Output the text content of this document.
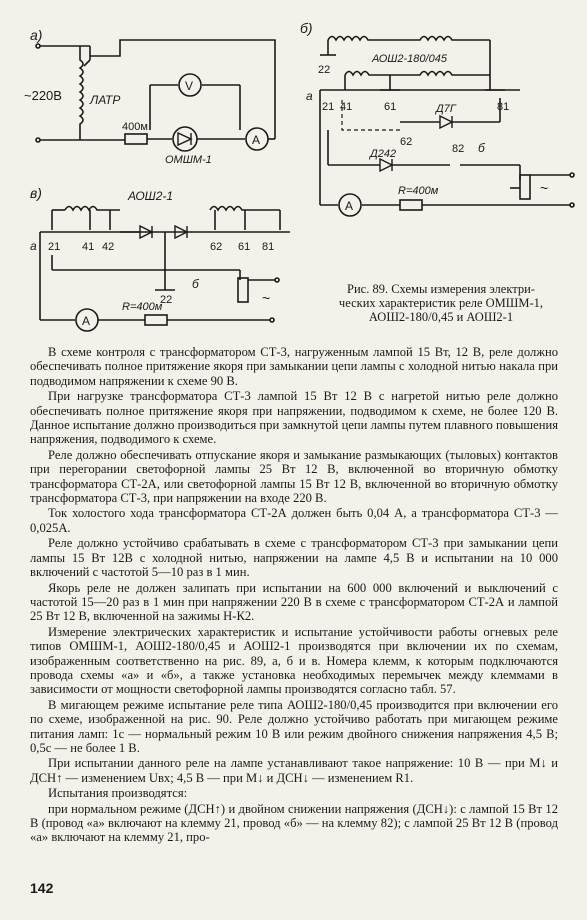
a)
~220В ЛАТР
V
400м
ОМШМ-1
А
б)
АОШ2-180/045
22
а
21 41	61	81
62
Д7Г
Д242	82 б
А
R=400м	~
в)	АОШ2-1
а 21 41 42	62 61 81
22
б
А
R=400м
~
Рис. 89. Схемы измерения электри-
ческих характеристик реле ОМШМ-1,
АОШ2-180/0,45 и АОШ2-1

В схеме контроля с трансформатором СТ-3, нагруженным лампой 15 Вт, 12 В, реле должно обеспечивать полное притяжение якоря при замыкании цепи лампы с холодной нитью накала при подводимом напряжении к схеме 90 В.

При нагрузке трансформатора СТ-3 лампой 15 Вт 12 В с нагретой нитью реле должно обеспечивать полное притяжение якоря при напряжении, подводимом к схеме, не более 120 В. Данное испытание должно производиться при замкнутой цепи лампы путем плавного повышения напряжения, подводимого к схеме.

Реле должно обеспечивать отпускание якоря и замыкание размыкающих (тыловых) контактов при перегорании светофорной лампы 25 Вт 12 В, включенной во вторичную обмотку трансформатора СТ-2А, или светофорной лампы 15 Вт 12 В, включенной во вторичную обмотку трансформатора СТ-3, при напряжении на входе 220 В.

Ток холостого хода трансформатора СТ-2А должен быть 0,04 А, а трансформатора СТ-3 — 0,025А.

Реле должно устойчиво срабатывать в схеме с трансформатором СТ-3 при замыкании цепи лампы 15 Вт 12В с холодной нитью, напряжении на лампе 4,5 В и испытании на 10 000 включений с частотой 5—10 раз в 1 мин.

Якорь реле не должен залипать при испытании на 600 000 включений и выключений с частотой 15—20 раз в 1 мин при напряжении 220 В в схеме с трансформатором СТ-2А и лампой 25 Вт 12 В, включенной на зажимы Н-К2.

Измерение электрических характеристик и испытание устойчивости работы огневых реле типов ОМШМ-1, АОШ2-180/0,45 и АОШ2-1 производятся при включении их по схемам, изображенным соответственно на рис. 89, а, б и в. Номера клемм, к которым подключаются провода схемы «а» и «б», а также установка необходимых перемычек между клеммами в зависимости от мощности светофорной лампы производятся согласно табл. 57.

В мигающем режиме испытание реле типа АОШ2-180/0,45 производится при включении его по схеме, изображенной на рис. 90. Реле должно устойчиво работать при мигающем режиме питания ламп: 1с — нормальный режим 10 В или режим двойного снижения напряжения 4,5 В; 0,5с — не более 1 В.

При испытании данного реле на лампе устанавливают такое напряжение: 10 В — при М↓ и ДСН↑ — изменением Uвх; 4,5 В — при М↓ и ДСН↓ — изменением R1.

Испытания производятся:

при нормальном режиме (ДСН↑) и двойном снижении напряжения (ДСН↓): с лампой 15 Вт 12 В (провод «а» включают на клемму 21, провод «б» — на клемму 82); с лампой 25 Вт 12 В (провод «а» включают на клемму 21, про-

142
